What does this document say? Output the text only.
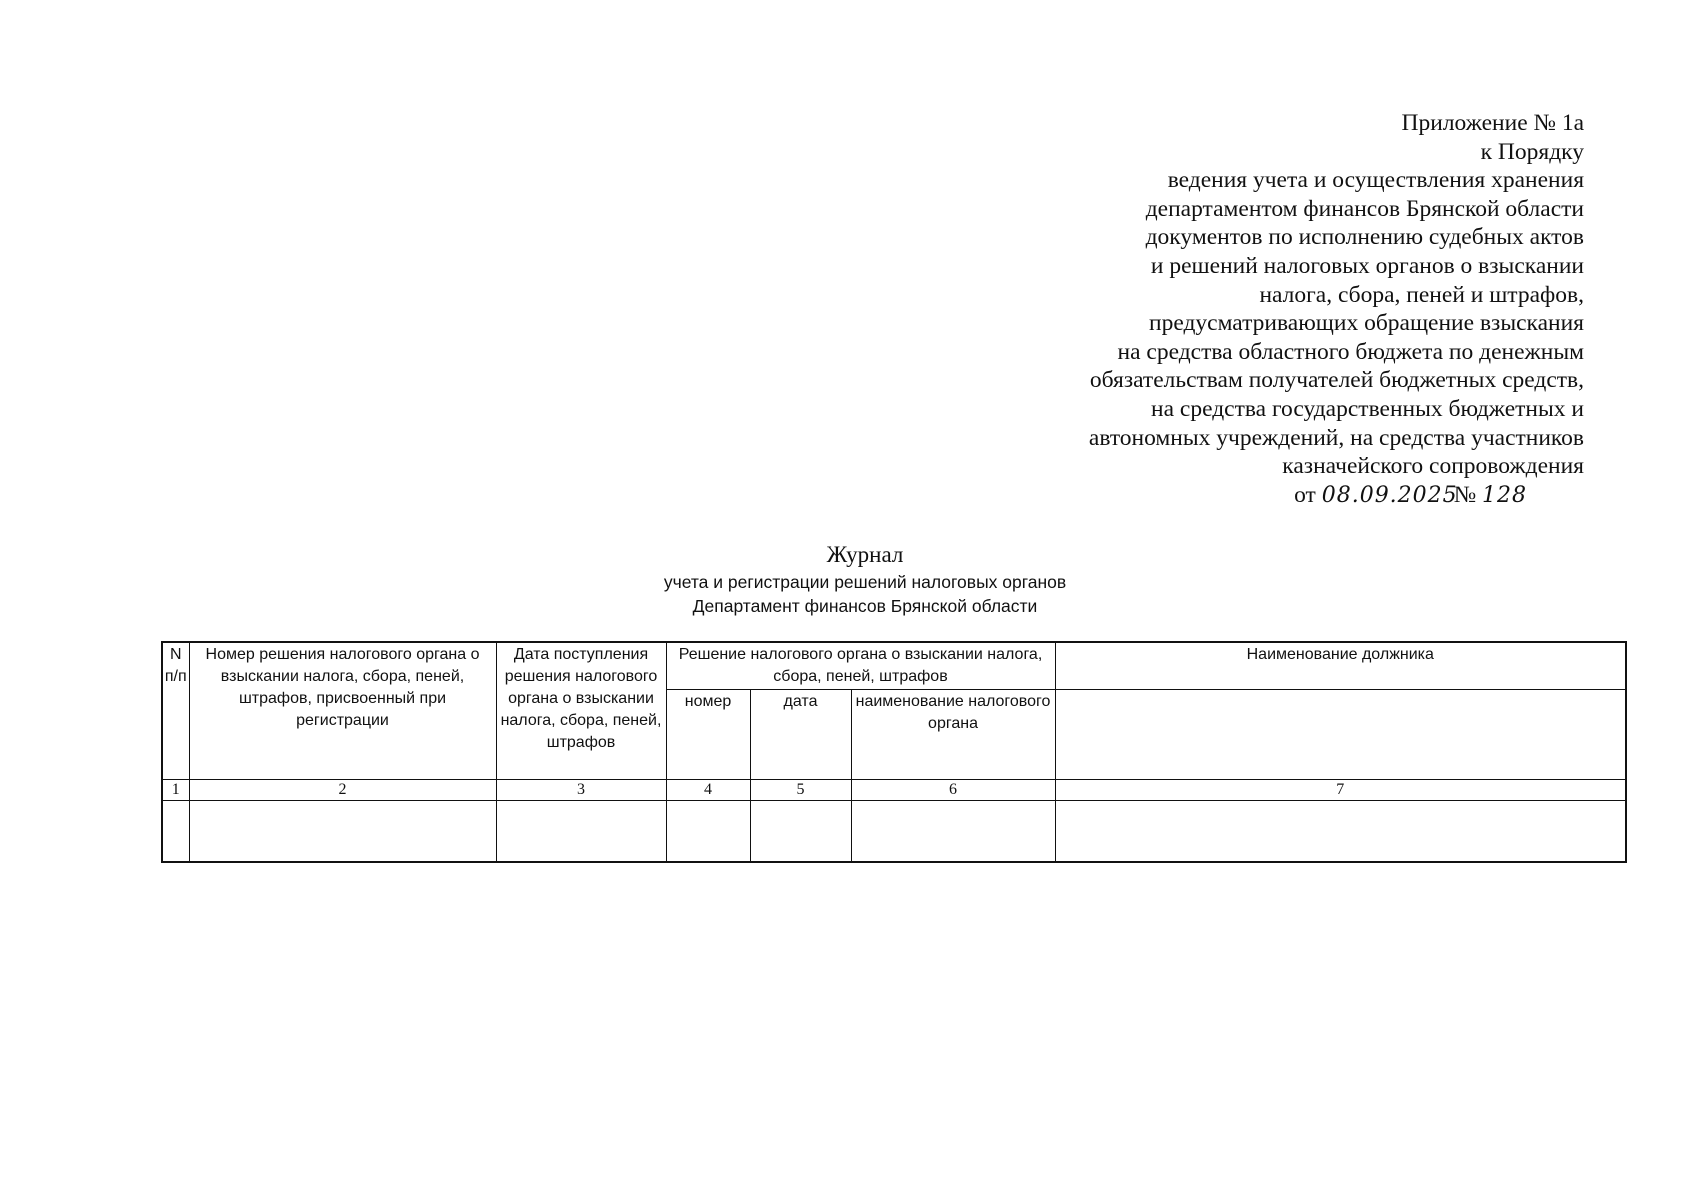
Приложение № 1а
к Порядку
ведения учета и осуществления хранения
департаментом финансов Брянской области
документов по исполнению судебных актов
и решений налоговых органов о взыскании
налога, сбора, пеней и штрафов,
предусматривающих обращение взыскания
на средства областного бюджета по денежным
обязательствам получателей бюджетных средств,
на средства государственных бюджетных и
автономных учреждений, на средства участников
казначейского сопровождения
от 08.09.2025№ 128
Журнал
учета и регистрации решений налоговых органов
Департамент финансов Брянской области
N п/п	Номер решения налогового органа о взыскании налога, сбора, пеней, штрафов, присвоенный при регистрации	Дата поступления решения налогового органа о взыскании налога, сбора, пеней, штрафов	Решение налогового органа о взыскании налога, сбора, пеней, штрафов			Наименование должника
			номер	дата	наименование налогового органа	
1	2	3	4	5	6	7
